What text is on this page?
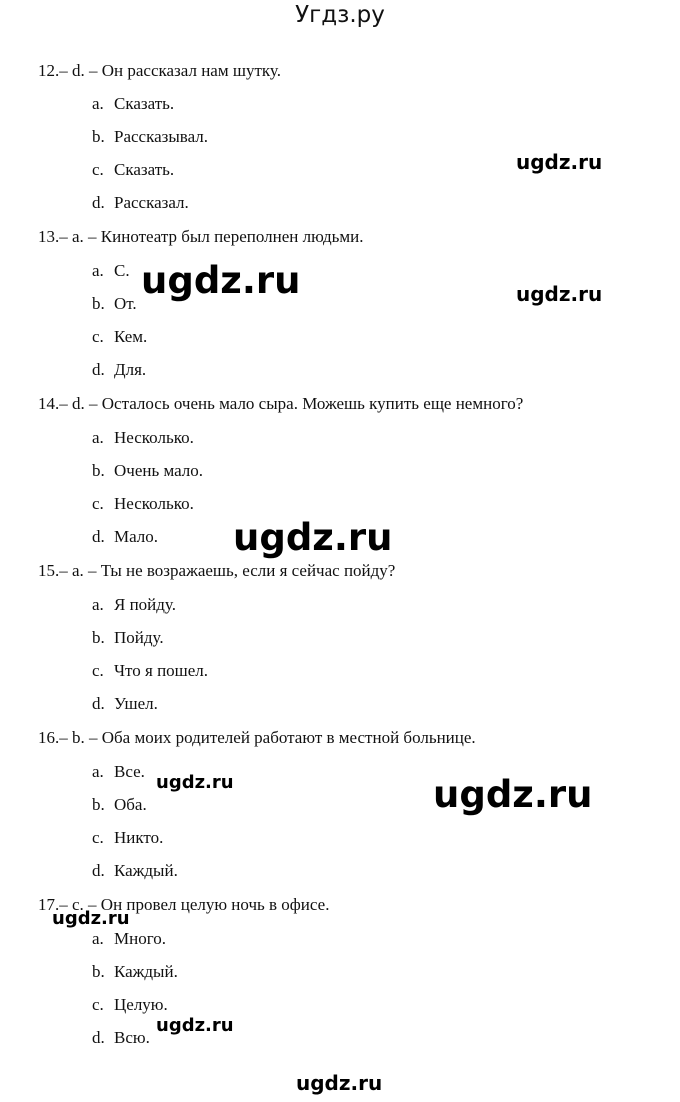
Угдз.ру
12.– d. – Он рассказал нам шутку.
a. Сказать.
b. Рассказывал.
c. Сказать.
d. Рассказал.
13.– a. – Кинотеатр был переполнен людьми.
a. С.
b. От.
c. Кем.
d. Для.
14.– d. – Осталось очень мало сыра. Можешь купить еще немного?
a. Несколько.
b. Очень мало.
c. Несколько.
d. Мало.
15.– a. – Ты не возражаешь, если я сейчас пойду?
a. Я пойду.
b. Пойду.
c. Что я пошел.
d. Ушел.
16.– b. – Оба моих родителей работают в местной больнице.
a. Все.
b. Оба.
c. Никто.
d. Каждый.
17.– c. – Он провел целую ночь в офисе.
a. Много.
b. Каждый.
c. Целую.
d. Всю.
ugdz.ru
ugdz.ru	ugdz.ru
ugdz.ru
ugdz.ru	ugdz.ru
ugdz.ru
ugdz.ru
ugdz.ru
